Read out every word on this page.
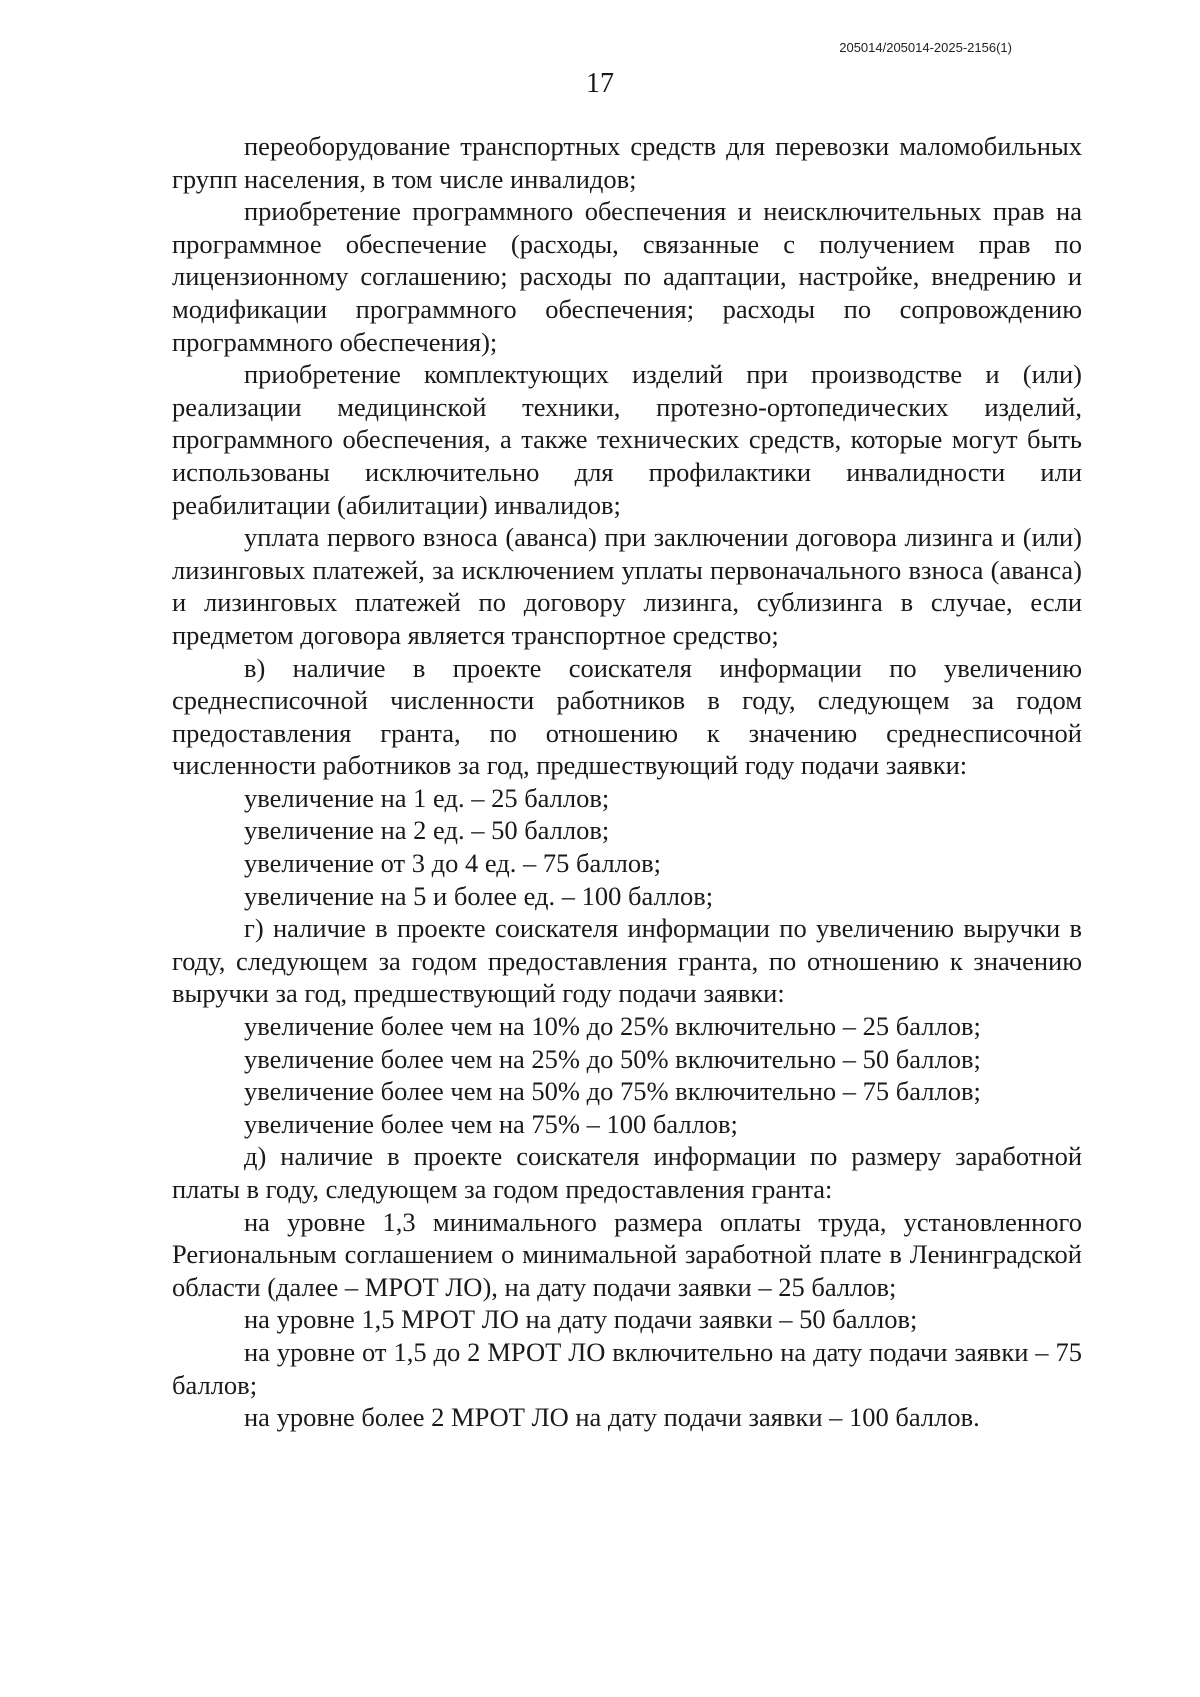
205014/205014-2025-2156(1)
17

переоборудование транспортных средств для перевозки маломобильных групп населения, в том числе инвалидов;

приобретение программного обеспечения и неисключительных прав на программное обеспечение (расходы, связанные с получением прав по лицензионному соглашению; расходы по адаптации, настройке, внедрению и модификации программного обеспечения; расходы по сопровождению программного обеспечения);

приобретение комплектующих изделий при производстве и (или) реализации медицинской техники, протезно-ортопедических изделий, программного обеспечения, а также технических средств, которые могут быть использованы исключительно для профилактики инвалидности или реабилитации (абилитации) инвалидов;

уплата первого взноса (аванса) при заключении договора лизинга и (или) лизинговых платежей, за исключением уплаты первоначального взноса (аванса) и лизинговых платежей по договору лизинга, сублизинга в случае, если предметом договора является транспортное средство;

в) наличие в проекте соискателя информации по увеличению среднесписочной численности работников в году, следующем за годом предоставления гранта, по отношению к значению среднесписочной численности работников за год, предшествующий году подачи заявки:

увеличение на 1 ед. – 25 баллов;

увеличение на 2 ед. – 50 баллов;

увеличение от 3 до 4 ед. – 75 баллов;

увеличение на 5 и более ед. – 100 баллов;

г) наличие в проекте соискателя информации по увеличению выручки в году, следующем за годом предоставления гранта, по отношению к значению выручки за год, предшествующий году подачи заявки:

увеличение более чем на 10% до 25% включительно – 25 баллов;

увеличение более чем на 25% до 50% включительно – 50 баллов;

увеличение более чем на 50% до 75% включительно – 75 баллов;

увеличение более чем на 75% – 100 баллов;

д) наличие в проекте соискателя информации по размеру заработной платы в году, следующем за годом предоставления гранта:

на уровне 1,3 минимального размера оплаты труда, установленного Региональным соглашением о минимальной заработной плате в Ленинградской области (далее – МРОТ ЛО), на дату подачи заявки – 25 баллов;

на уровне 1,5 МРОТ ЛО на дату подачи заявки – 50 баллов;

на уровне от 1,5 до 2 МРОТ ЛО включительно на дату подачи заявки – 75 баллов;

на уровне более 2 МРОТ ЛО на дату подачи заявки – 100 баллов.
